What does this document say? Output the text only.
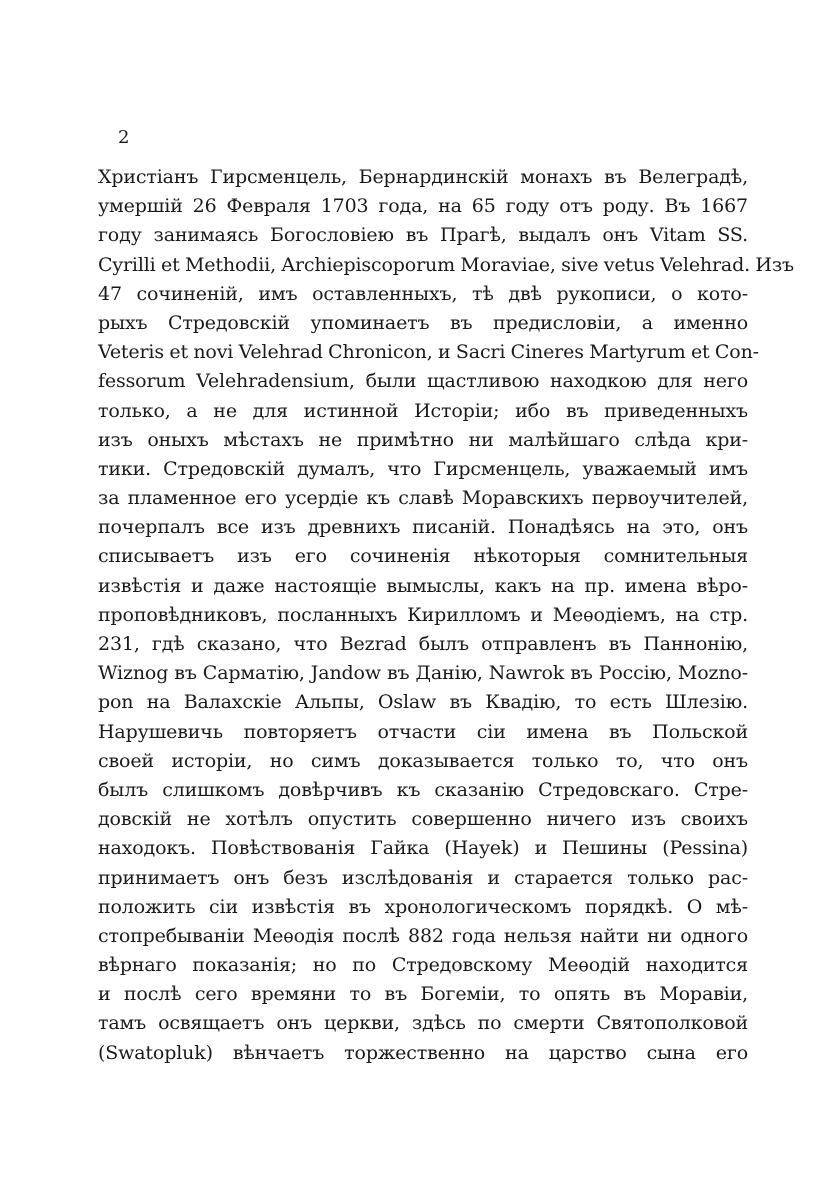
2
Христiанъ Гирсменцель, Бернардинскiй монахъ въ Велеградѣ,
умершiй 26 Февраля 1703 года, на 65 году отъ роду. Въ 1667
году занимаясь Богословiею въ Прагѣ, выдалъ онъ Vitam SS.
Cyrilli et Methodii, Archiepiscoporum Moraviae, sive vetus Velehrad. Изъ
47 сочиненiй, имъ оставленныхъ, тѣ двѣ рукописи, о кото-
рыхъ Стредовскiй упоминаетъ въ предисловiи, а именно
Veteris et novi Velehrad Chronicon, и Sacri Cineres Martyrum et Con-
fessorum Velehradensium, были щастливою находкою для него
только, а не для истинной Исторiи; ибо въ приведенныхъ
изъ оныхъ мѣстахъ не примѣтно ни малѣйшаго слѣда кри-
тики. Стредовскiй думалъ, что Гирсменцель, уважаемый имъ
за пламенное его усердiе къ славѣ Моравскихъ первоучителей,
почерпалъ все изъ древнихъ писанiй. Понадѣясь на это, онъ
списываетъ изъ его сочиненiя нѣкоторыя сомнительныя
извѣстiя и даже настоящiе вымыслы, какъ на пр. имена вѣро-
проповѣдниковъ, посланныхъ Кирилломъ и Меѳодiемъ, на стр.
231, гдѣ сказано, что Bezrad былъ отправленъ въ Паннонiю,
Wiznog въ Сарматiю, Jandow въ Данiю, Nawrok въ Россiю, Mozno-
pon на Валахскiе Альпы, Oslaw въ Квадiю, то есть Шлезiю.
Нарушевичь повторяетъ отчасти сiи имена въ Польской
своей исторiи, но симъ доказывается только то, что онъ
былъ слишкомъ довѣрчивъ къ сказанiю Стредовскаго. Стре-
довскiй не хотѣлъ опустить совершенно ничего изъ своихъ
находокъ. Повѣствованiя Гайка (Hayek) и Пешины (Pessina)
принимаетъ онъ безъ изслѣдованiя и старается только рас-
положить сiи извѣстiя въ хронологическомъ порядкѣ. О мѣ-
стопребыванiи Меѳодiя послѣ 882 года нельзя найти ни одного
вѣрнаго показанiя; но по Стредовскому Меѳодiй находится
и послѣ сего времяни то въ Богемiи, то опять въ Моравiи,
тамъ освящаетъ онъ церкви, здѣсь по смерти Святополковой
(Swatopluk) вѣнчаетъ торжественно на царство сына его
